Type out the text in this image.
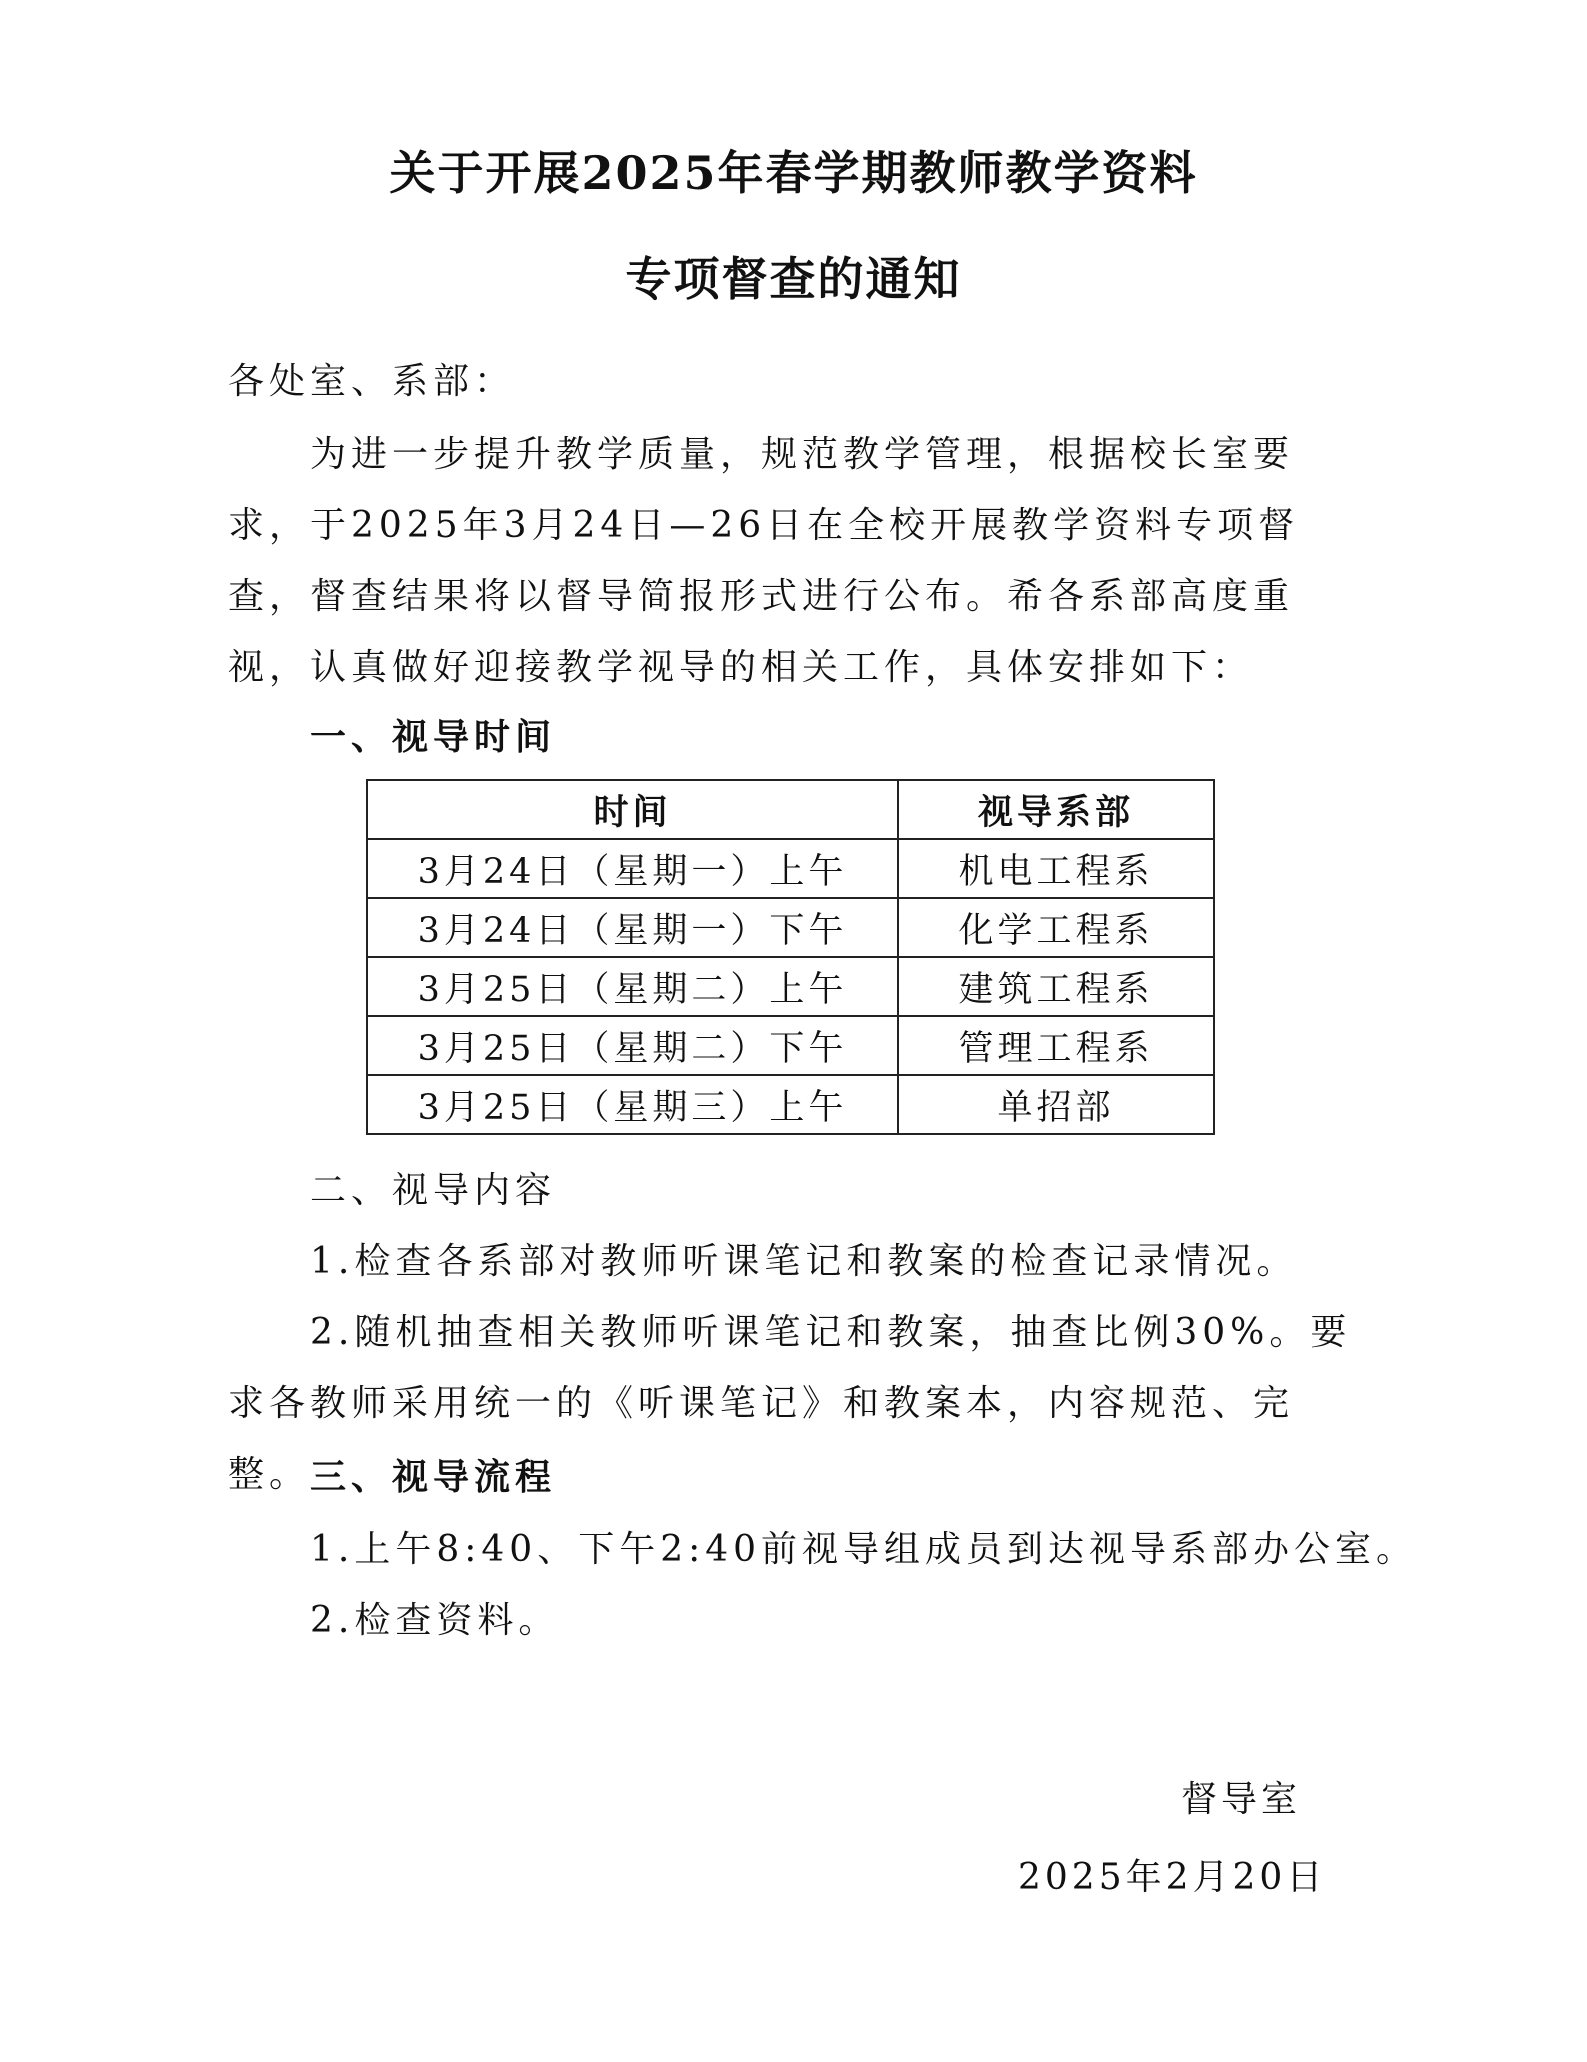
关于开展2025年春学期教师教学资料
专项督查的通知

各处室、系部：

为进一步提升教学质量，规范教学管理，根据校长室要求，于2025年3月24日—26日在全校开展教学资料专项督查，督查结果将以督导简报形式进行公布。希各系部高度重视，认真做好迎接教学视导的相关工作，具体安排如下：

一、视导时间

时间	视导系部
3月24日（星期一）上午	机电工程系
3月24日（星期一）下午	化学工程系
3月25日（星期二）上午	建筑工程系
3月25日（星期二）下午	管理工程系
3月25日（星期三）上午	单招部

二、视导内容

1.检查各系部对教师听课笔记和教案的检查记录情况。

2.随机抽查相关教师听课笔记和教案，抽查比例30%。要求各教师采用统一的《听课笔记》和教案本，内容规范、完整。 三、视导流程

1.上午8:40、下午2:40前视导组成员到达视导系部办公室。

2.检查资料。

督导室
2025年2月20日
